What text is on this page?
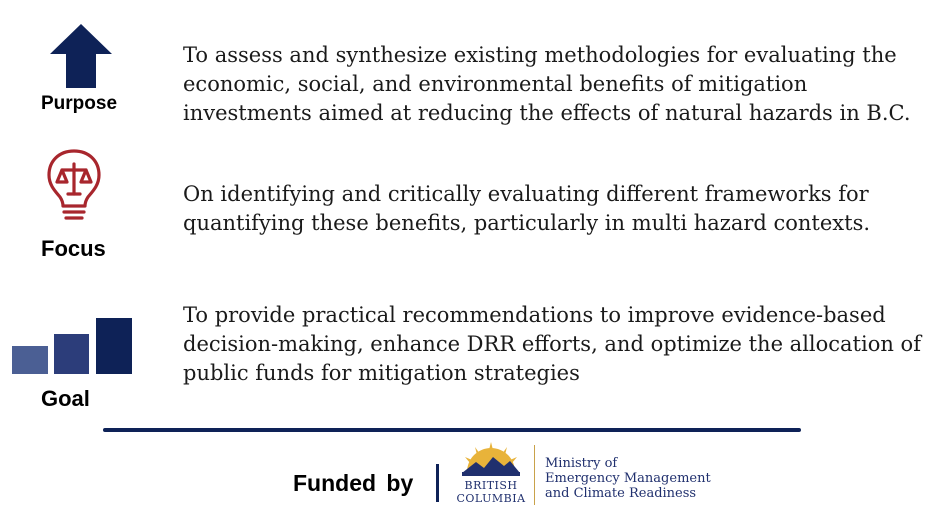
Purpose
To assess and synthesize existing methodologies for evaluating the economic, social, and environmental benefits of mitigation investments aimed at reducing the effects of natural hazards in B.C.
Focus
On identifying and critically evaluating different frameworks for quantifying these benefits, particularly in multi hazard contexts.
Goal
To provide practical recommendations to improve evidence-based decision-making, enhance DRR efforts, and optimize the allocation of public funds for mitigation strategies
Funded by	BRITISH
COLUMBIA
Ministry of
Emergency Management
and Climate Readiness
